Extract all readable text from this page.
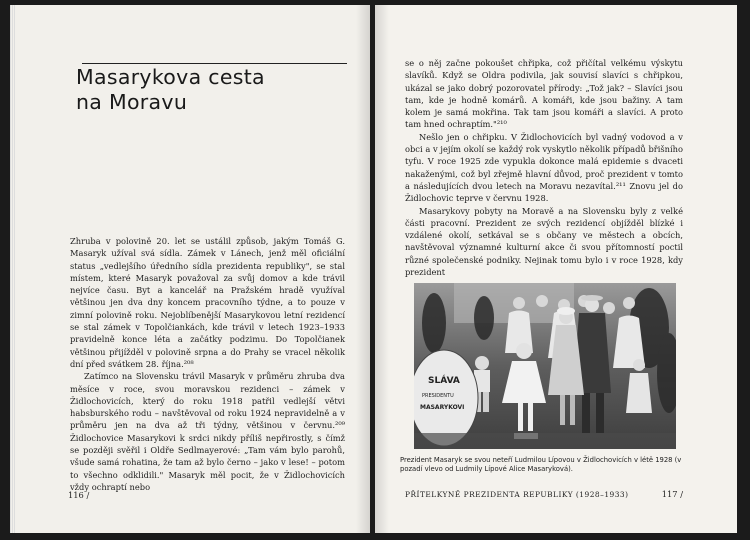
Masarykova cesta
na Moravu

Zhruba v polovině 20. let se ustálil způsob, jakým Tomáš G. Masaryk užíval svá sídla. Zámek v Lánech, jenž měl oficiální status „vedlejšího úředního sídla prezidenta republiky", se stal místem, které Masaryk považoval za svůj domov a kde trávil nejvíce času. Byt a kancelář na Pražském hradě využíval většinou jen dva dny koncem pracovního týdne, a to pouze v zimní polovině roku. Nejoblíbenější Masarykovou letní rezidencí se stal zámek v Topolčiankách, kde trávil v letech 1923–1933 pravidelně konce léta a začátky podzimu. Do Topolčianek většinou přijížděl v polovině srpna a do Prahy se vracel několik dní před svátkem 28. října.²⁰⁸

Zatímco na Slovensku trávil Masaryk v průměru zhruba dva měsíce v roce, svou moravskou rezidenci – zámek v Židlochovicích, který do roku 1918 patřil vedlejší větvi habsburského rodu – navštěvoval od roku 1924 nepravidelně a v průměru jen na dva až tři týdny, většinou v červnu.²⁰⁹ Židlochovice Masarykovi k srdci nikdy příliš nepřirostly, s čímž se později svěřil i Oldře Sedlmayerové: „Tam vám bylo parohů, všude samá rohatina, že tam až bylo černo – jako v lese! – potom to všechno odklidili." Masaryk měl pocit, že v Židlochovicích vždy ochraptí nebo

116 /

se o něj začne pokoušet chřipka, což přičítal velkému výskytu slavíků. Když se Oldra podivila, jak souvisí slavíci s chřipkou, ukázal se jako dobrý pozorovatel přírody: „Tož jak? – Slavíci jsou tam, kde je hodně komárů. A komáři, kde jsou bažiny. A tam kolem je samá mokřina. Tak tam jsou komáři a slavíci. A proto tam hned ochraptím."²¹⁰

Nešlo jen o chřipku. V Židlochovicích byl vadný vodovod a v obci a v jejím okolí se každý rok vyskytlo několik případů břišního tyfu. V roce 1925 zde vypukla dokonce malá epidemie s dvaceti nakaženými, což byl zřejmě hlavní důvod, proč prezident v tomto a následujících dvou letech na Moravu nezavítal.²¹¹ Znovu jel do Židlochovic teprve v červnu 1928.

Masarykovy pobyty na Moravě a na Slovensku byly z velké části pracovní. Prezident ze svých rezidencí objížděl blízké i vzdálené okolí, setkával se s občany ve městech a obcích, navštěvoval významné kulturní akce či svou přítomností poctil různé společenské podniky. Nejinak tomu bylo i v roce 1928, kdy prezident

SLÁVA
PRESIDENTU
MASARYKOVI
Prezident Masaryk se svou neteří Ludmilou Lípovou v Židlochovicích v létě 1928 (v pozadí vlevo od Ludmily Lípové Alice Masaryková).
PŘÍTELKYNĚ PREZIDENTA REPUBLIKY (1928–1933)	117 /
